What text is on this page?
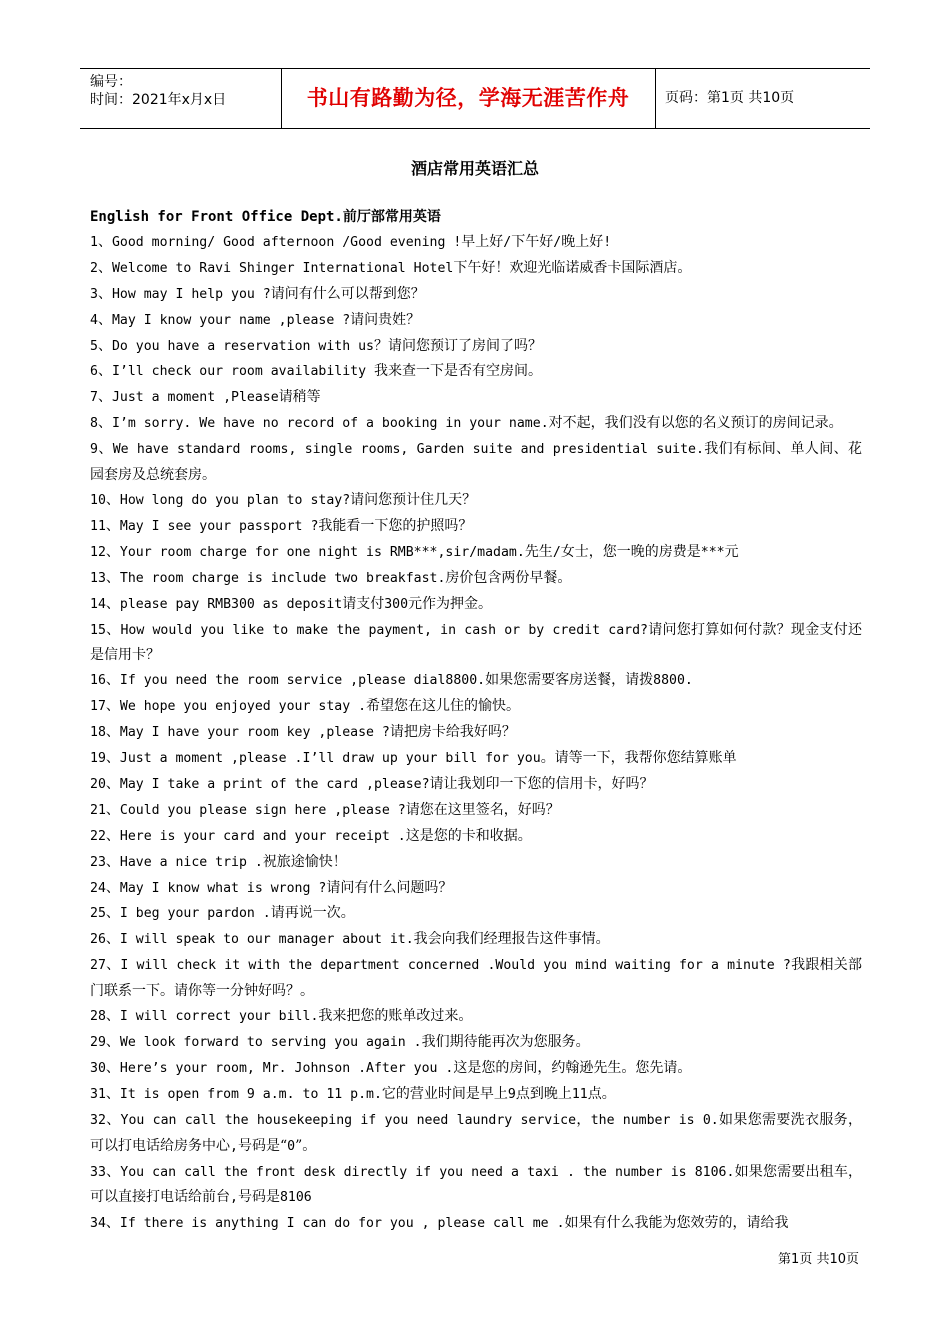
编号：
时间：2021年x月x日	书山有路勤为径，学海无涯苦作舟	页码：第1页 共10页
酒店常用英语汇总
English for Front Office Dept.前厅部常用英语
1、Good morning/ Good afternoon /Good evening !早上好/下午好/晚上好!
2、Welcome to Ravi Shinger International Hotel下午好！欢迎光临诺威香卡国际酒店。
3、How may I help you ?请问有什么可以帮到您？
4、May I know your name ,please ?请问贵姓？
5、Do you have a reservation with us？请问您预订了房间了吗？
6、I’ll check our room availability 我来查一下是否有空房间。
7、Just a moment ,Please请稍等
8、I’m sorry. We have no record of a booking in your name.对不起，我们没有以您的名义预订的房间记录。
9、We have standard rooms, single rooms, Garden suite and presidential suite.我们有标间、单人间、花园套房及总统套房。
10、How long do you plan to stay?请问您预计住几天？
11、May I see your passport ?我能看一下您的护照吗？
12、Your room charge for one night is RMB***,sir/madam.先生/女士，您一晚的房费是***元
13、The room charge is include two breakfast.房价包含两份早餐。
14、please pay RMB300 as deposit请支付300元作为押金。
15、How would you like to make the payment, in cash or by credit card?请问您打算如何付款？现金支付还是信用卡？
16、If you need the room service ,please dial8800.如果您需要客房送餐，请拨8800.
17、We hope you enjoyed your stay .希望您在这儿住的愉快。
18、May I have your room key ,please ?请把房卡给我好吗？
19、Just a moment ,please .I’ll draw up your bill for you。请等一下，我帮你您结算账单
20、May I take a print of the card ,please?请让我划印一下您的信用卡，好吗？
21、Could you please sign here ,please ?请您在这里签名，好吗？
22、Here is your card and your receipt .这是您的卡和收据。
23、Have a nice trip .祝旅途愉快！
24、May I know what is wrong ?请问有什么问题吗？
25、I beg your pardon .请再说一次。
26、I will speak to our manager about it.我会向我们经理报告这件事情。
27、I will check it with the department concerned .Would you mind waiting for a minute ?我跟相关部门联系一下。请你等一分钟好吗？。
28、I will correct your bill.我来把您的账单改过来。
29、We look forward to serving you again .我们期待能再次为您服务。
30、Here’s your room, Mr. Johnson .After you .这是您的房间，约翰逊先生。您先请。
31、It is open from 9 a.m. to 11 p.m.它的营业时间是早上9点到晚上11点。
32、You can call the housekeeping if you need laundry service，the number is 0.如果您需要洗衣服务，可以打电话给房务中心,号码是“0”。
33、You can call the front desk directly if you need a taxi . the number is 8106.如果您需要出租车，可以直接打电话给前台,号码是8106
34、If there is anything I can do for you , please call me .如果有什么我能为您效劳的，请给我
第1页 共10页
